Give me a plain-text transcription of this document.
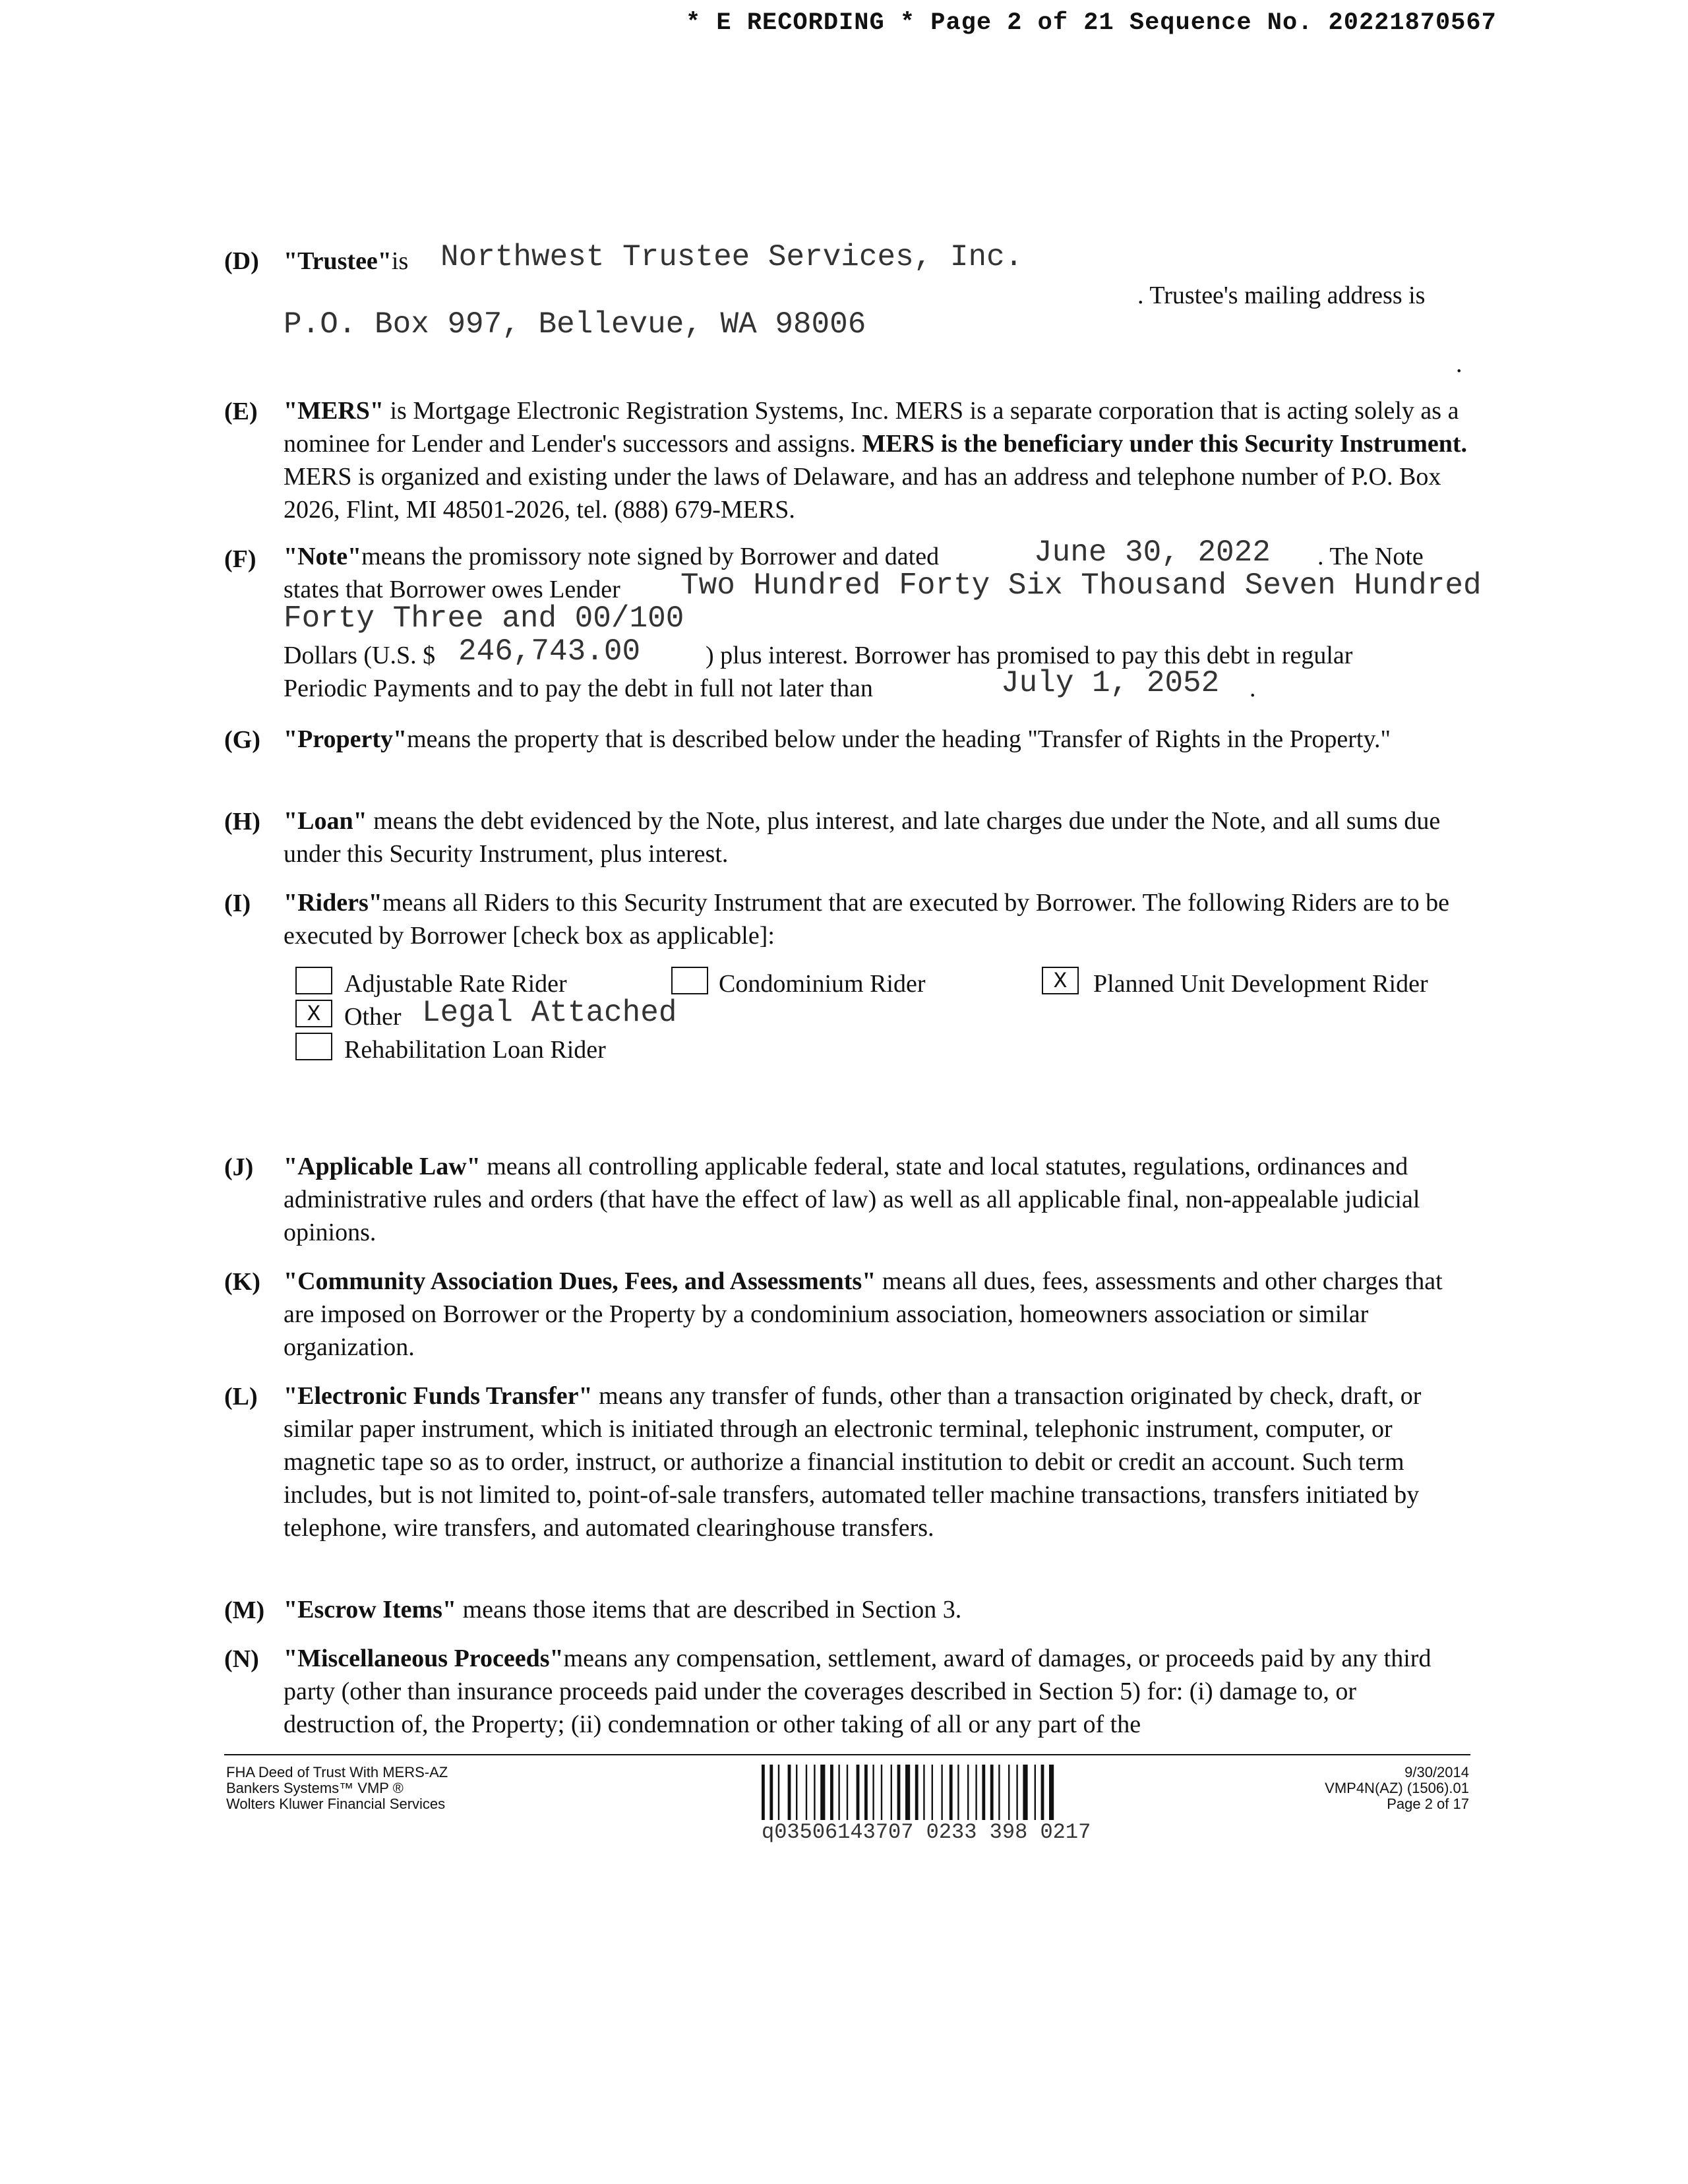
* E RECORDING * Page 2 of 21 Sequence No. 20221870567
(D) "Trustee"is Northwest Trustee Services, Inc.
. Trustee's mailing address is
P.O. Box 997, Bellevue, WA 98006
.
(E) "MERS" is Mortgage Electronic Registration Systems, Inc. MERS is a separate corporation that is acting solely as a nominee for Lender and Lender's successors and assigns. MERS is the beneficiary under this Security Instrument. MERS is organized and existing under the laws of Delaware, and has an address and telephone number of P.O. Box 2026, Flint, MI 48501-2026, tel. (888) 679-MERS.
(F) "Note"means the promissory note signed by Borrower and dated	June 30, 2022 . The Note
states that Borrower owes Lender Two Hundred Forty Six Thousand Seven Hundred
Forty Three and 00/100
Dollars (U.S. $ 246,743.00	) plus interest. Borrower has promised to pay this debt in regular
Periodic Payments and to pay the debt in full not later than	July 1, 2052 .
(G) "Property"means the property that is described below under the heading "Transfer of Rights in the Property."
(H) "Loan" means the debt evidenced by the Note, plus interest, and late charges due under the Note, and all sums due under this Security Instrument, plus interest.
(I) "Riders"means all Riders to this Security Instrument that are executed by Borrower. The following Riders are to be executed by Borrower [check box as applicable]:
Adjustable Rate Rider	Condominium Rider	X	Planned Unit Development Rider
X Other Legal Attached
Rehabilitation Loan Rider
(J) "Applicable Law" means all controlling applicable federal, state and local statutes, regulations, ordinances and administrative rules and orders (that have the effect of law) as well as all applicable final, non-appealable judicial opinions.
(K) "Community Association Dues, Fees, and Assessments" means all dues, fees, assessments and other charges that are imposed on Borrower or the Property by a condominium association, homeowners association or similar organization.
(L) "Electronic Funds Transfer" means any transfer of funds, other than a transaction originated by check, draft, or similar paper instrument, which is initiated through an electronic terminal, telephonic instrument, computer, or magnetic tape so as to order, instruct, or authorize a financial institution to debit or credit an account. Such term includes, but is not limited to, point-of-sale transfers, automated teller machine transactions, transfers initiated by telephone, wire transfers, and automated clearinghouse transfers.
(M) "Escrow Items" means those items that are described in Section 3.
(N) "Miscellaneous Proceeds"means any compensation, settlement, award of damages, or proceeds paid by any third party (other than insurance proceeds paid under the coverages described in Section 5) for: (i) damage to, or destruction of, the Property; (ii) condemnation or other taking of all or any part of the
FHA Deed of Trust With MERS-AZ
Bankers Systems™ VMP ®
Wolters Kluwer Financial Services
q03506143707 0233 398 0217
9/30/2014
VMP4N(AZ) (1506).01
Page 2 of 17
